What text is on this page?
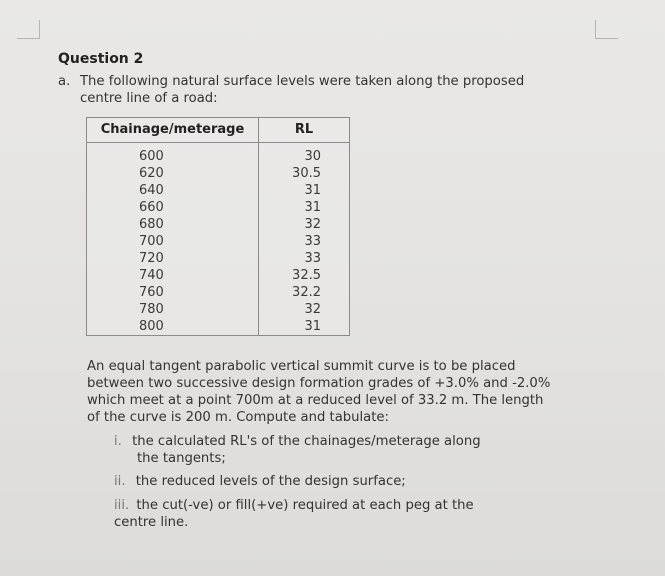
Question 2
a. The following natural surface levels were taken along the proposed
centre line of a road:
Chainage/meterage	RL
600
620
640
660
680
700
720
740
760
780
800
30
30.5
31
31
32
33
33
32.5
32.2
32
31
An equal tangent parabolic vertical summit curve is to be placed
between two successive design formation grades of +3.0% and -2.0%
which meet at a point 700m at a reduced level of 33.2 m. The length
of the curve is 200 m. Compute and tabulate:
i. the calculated RL's of the chainages/meterage along
the tangents;
ii. the reduced levels of the design surface;
iii. the cut(-ve) or fill(+ve) required at each peg at the
centre line.
